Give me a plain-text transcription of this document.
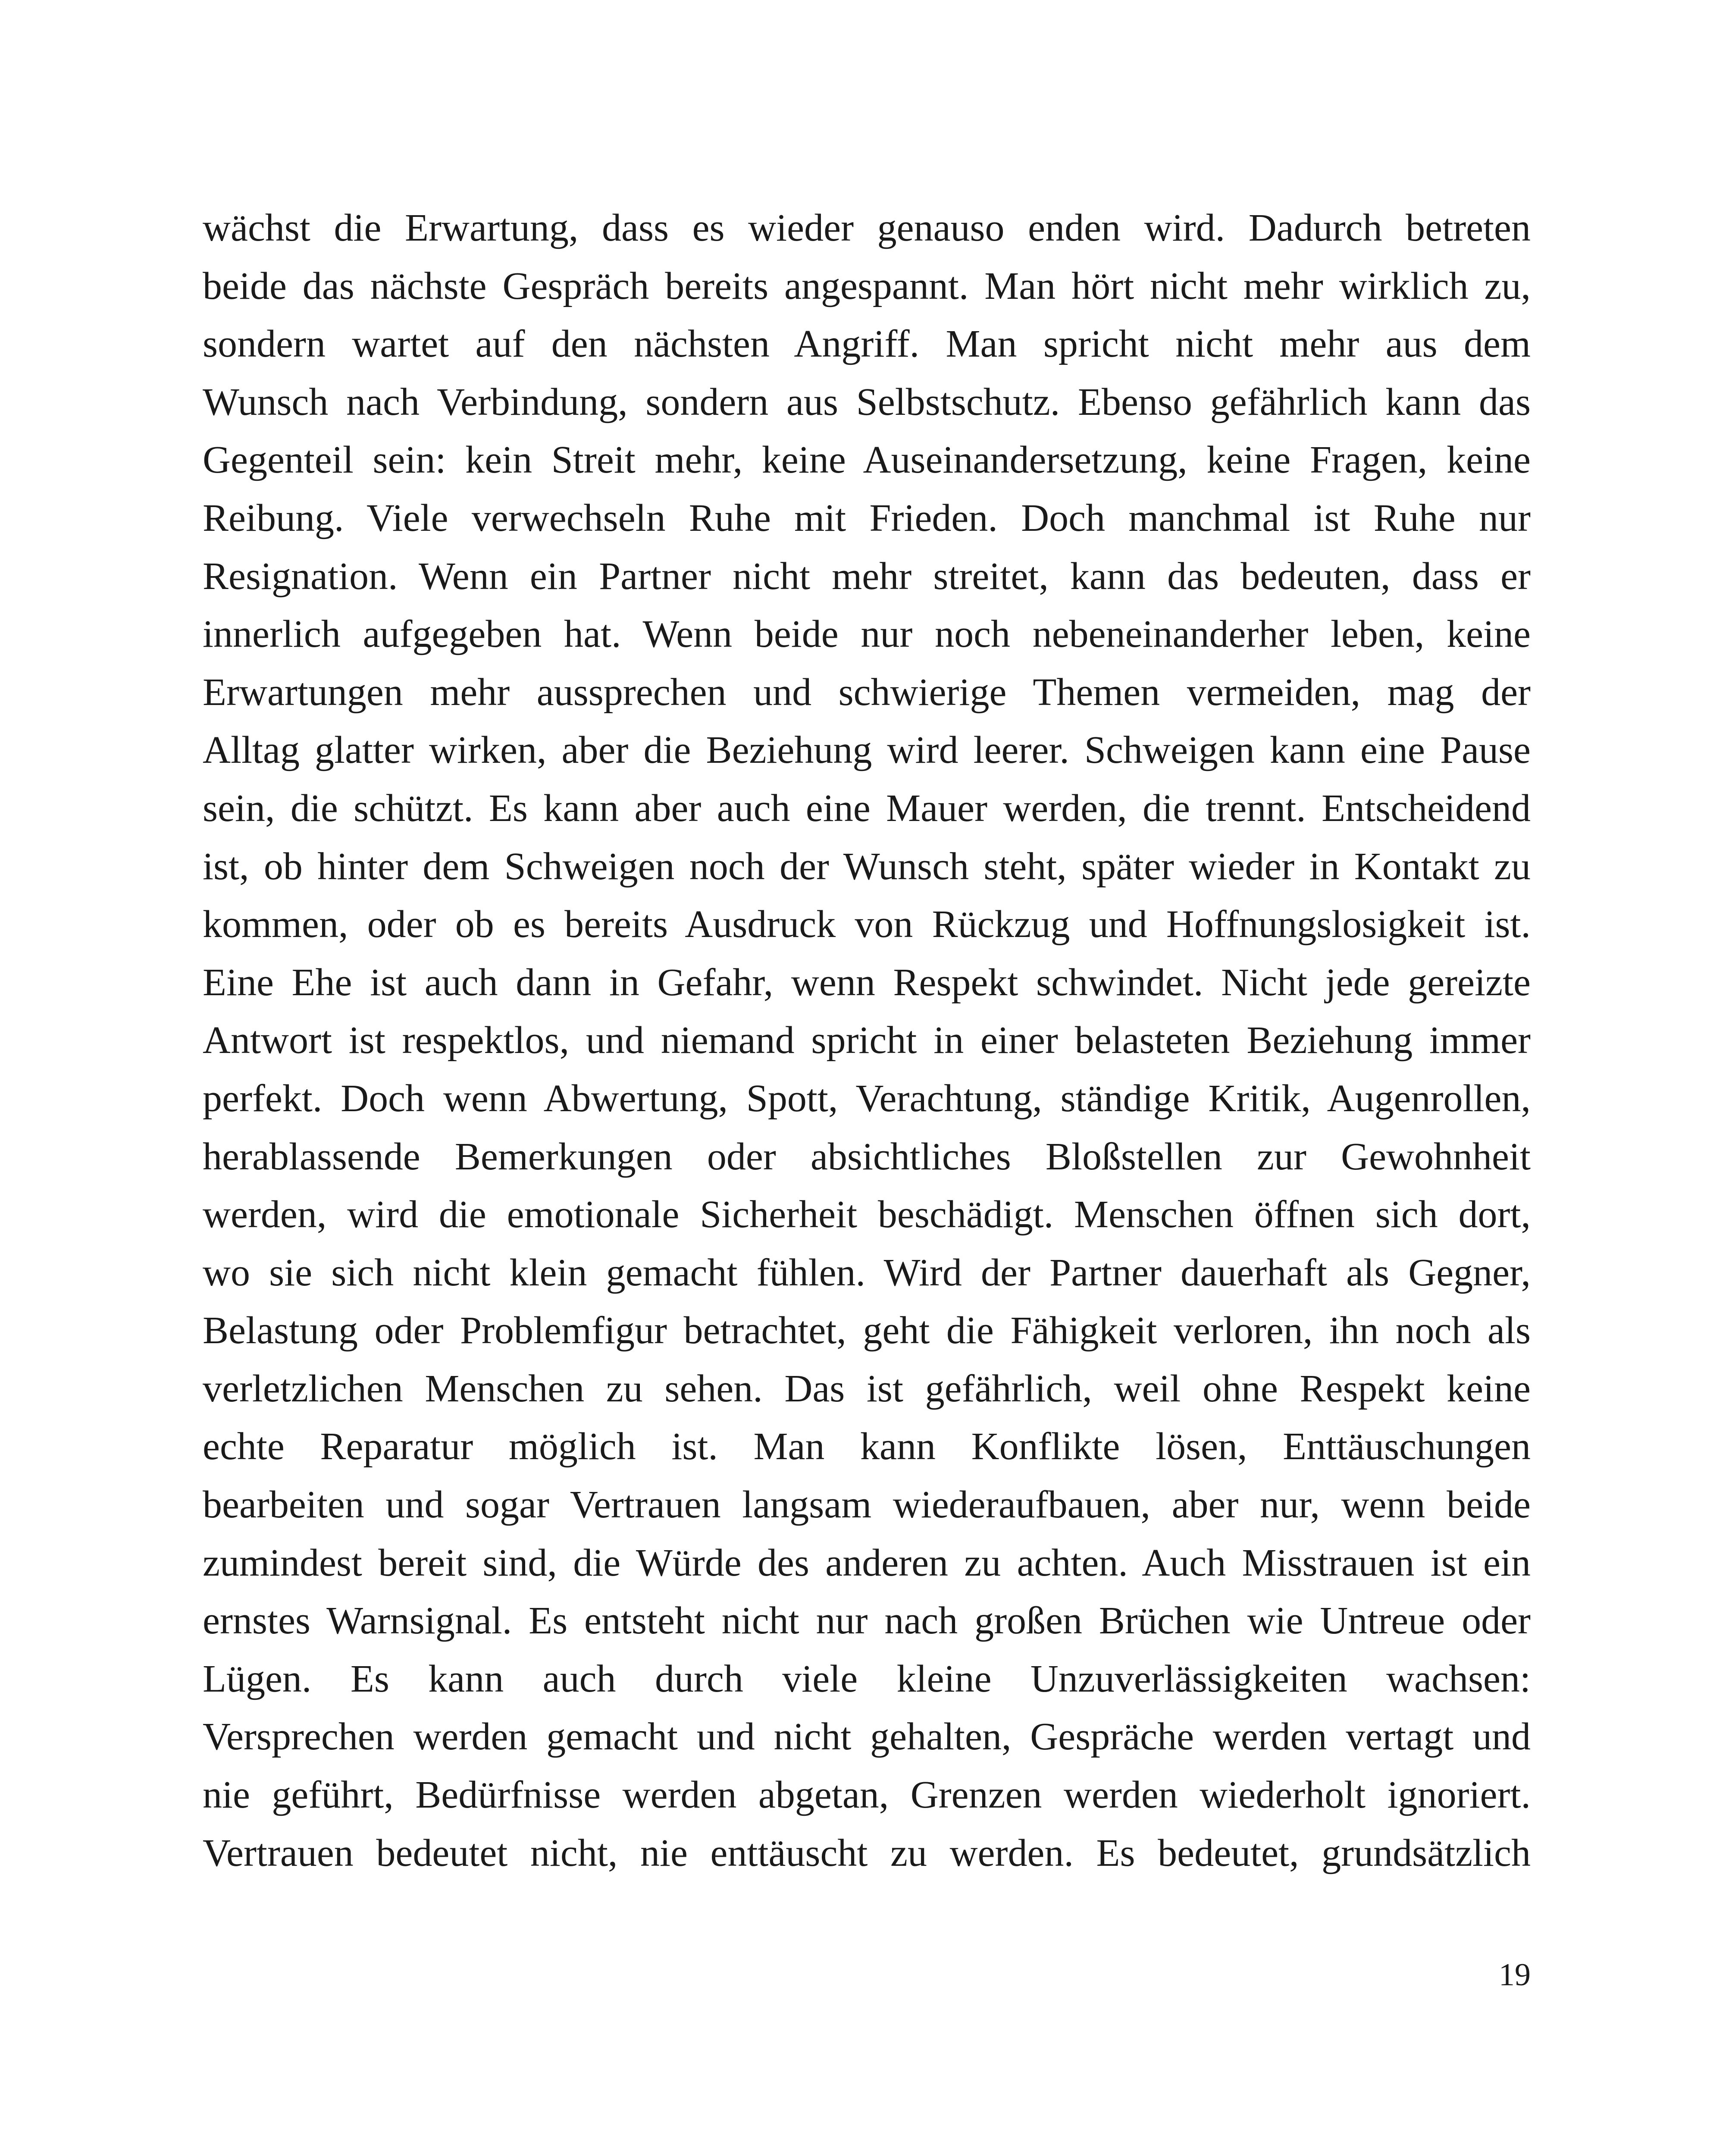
wächst die Erwartung, dass es wieder genauso enden wird. Dadurch betreten
beide das nächste Gespräch bereits angespannt. Man hört nicht mehr wirklich zu,
sondern wartet auf den nächsten Angriff. Man spricht nicht mehr aus dem
Wunsch nach Verbindung, sondern aus Selbstschutz. Ebenso gefährlich kann das
Gegenteil sein: kein Streit mehr, keine Auseinandersetzung, keine Fragen, keine
Reibung. Viele verwechseln Ruhe mit Frieden. Doch manchmal ist Ruhe nur
Resignation. Wenn ein Partner nicht mehr streitet, kann das bedeuten, dass er
innerlich aufgegeben hat. Wenn beide nur noch nebeneinanderher leben, keine
Erwartungen mehr aussprechen und schwierige Themen vermeiden, mag der
Alltag glatter wirken, aber die Beziehung wird leerer. Schweigen kann eine Pause
sein, die schützt. Es kann aber auch eine Mauer werden, die trennt. Entscheidend
ist, ob hinter dem Schweigen noch der Wunsch steht, später wieder in Kontakt zu
kommen, oder ob es bereits Ausdruck von Rückzug und Hoffnungslosigkeit ist.
Eine Ehe ist auch dann in Gefahr, wenn Respekt schwindet. Nicht jede gereizte
Antwort ist respektlos, und niemand spricht in einer belasteten Beziehung immer
perfekt. Doch wenn Abwertung, Spott, Verachtung, ständige Kritik, Augenrollen,
herablassende Bemerkungen oder absichtliches Bloßstellen zur Gewohnheit
werden, wird die emotionale Sicherheit beschädigt. Menschen öffnen sich dort,
wo sie sich nicht klein gemacht fühlen. Wird der Partner dauerhaft als Gegner,
Belastung oder Problemfigur betrachtet, geht die Fähigkeit verloren, ihn noch als
verletzlichen Menschen zu sehen. Das ist gefährlich, weil ohne Respekt keine
echte Reparatur möglich ist. Man kann Konflikte lösen, Enttäuschungen
bearbeiten und sogar Vertrauen langsam wiederaufbauen, aber nur, wenn beide
zumindest bereit sind, die Würde des anderen zu achten. Auch Misstrauen ist ein
ernstes Warnsignal. Es entsteht nicht nur nach großen Brüchen wie Untreue oder
Lügen. Es kann auch durch viele kleine Unzuverlässigkeiten wachsen:
Versprechen werden gemacht und nicht gehalten, Gespräche werden vertagt und
nie geführt, Bedürfnisse werden abgetan, Grenzen werden wiederholt ignoriert.
Vertrauen bedeutet nicht, nie enttäuscht zu werden. Es bedeutet, grundsätzlich

19
